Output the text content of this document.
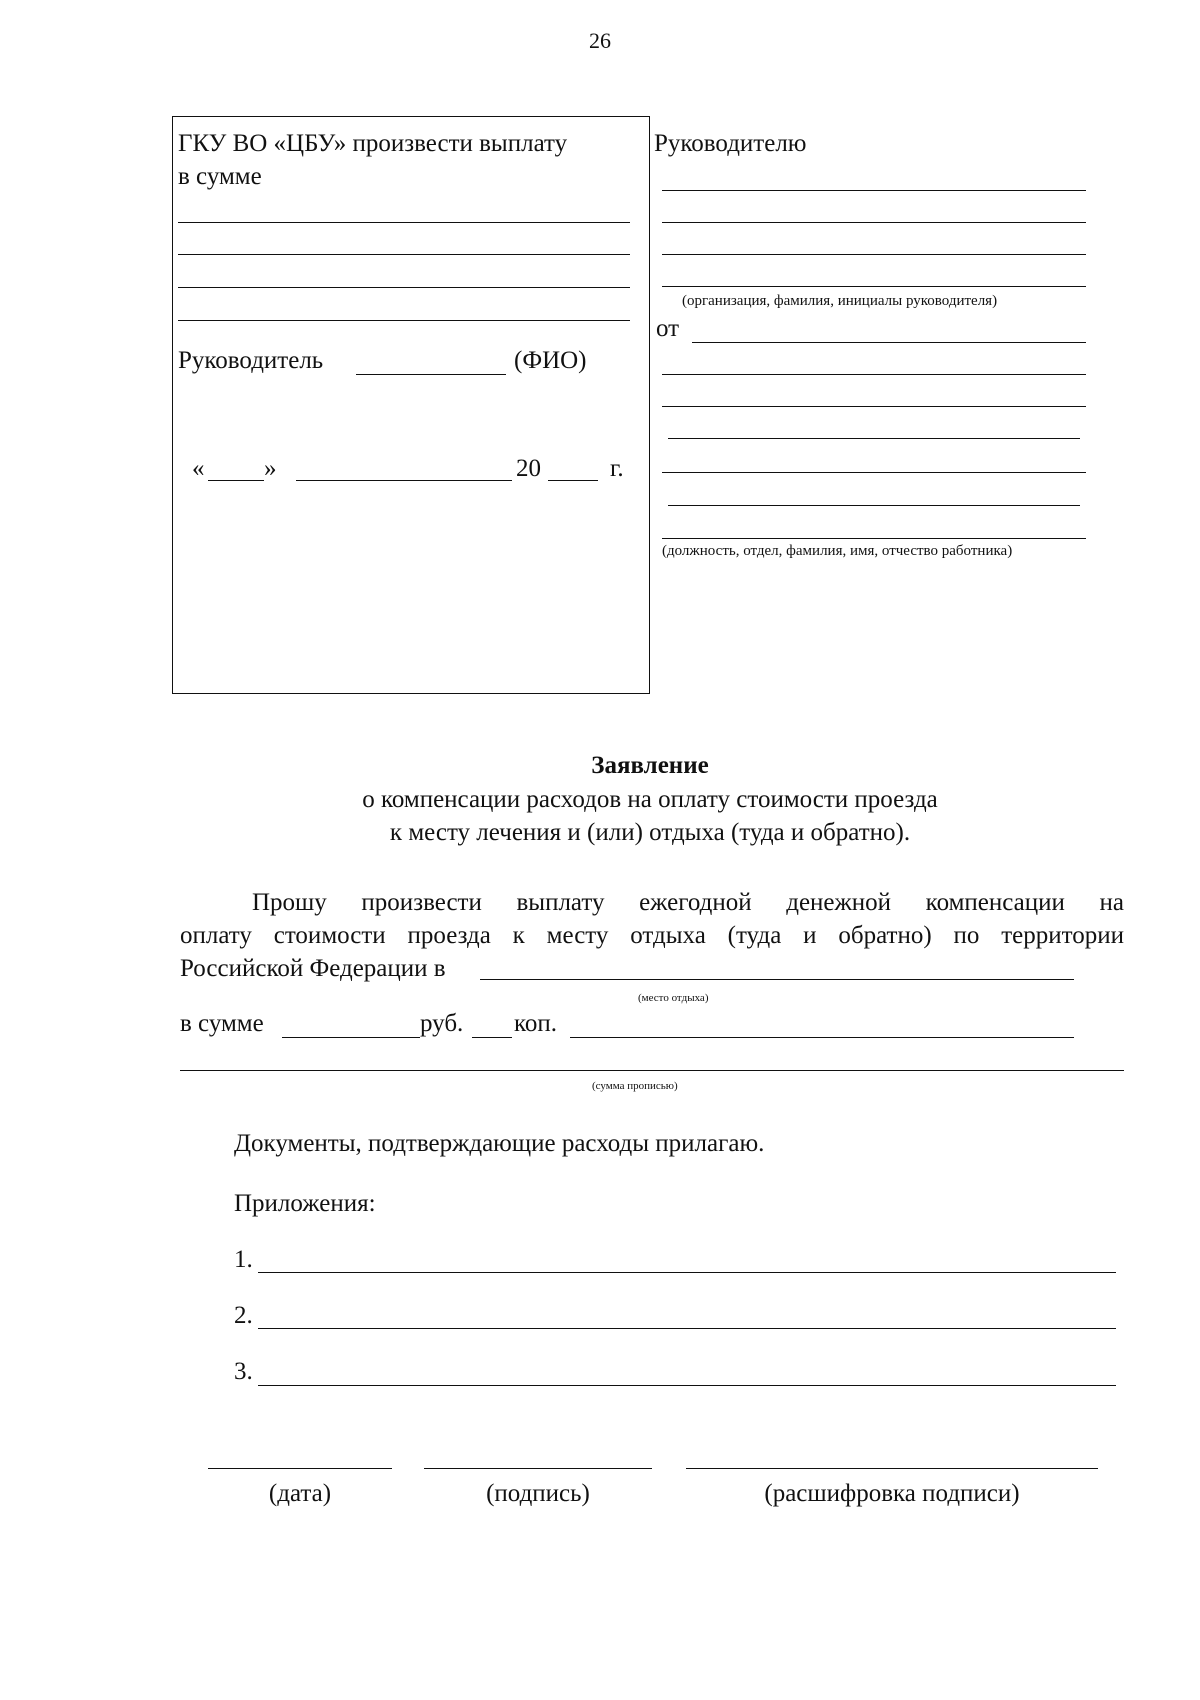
26
ГКУ ВО «ЦБУ» произвести выплату
в сумме
Руководитель	(ФИО)
« »	20	г.
Руководителю
(организация, фамилия, инициалы руководителя)
от
(должность, отдел, фамилия, имя, отчество работника)
Заявление
о компенсации расходов на оплату стоимости проезда
к месту лечения и (или) отдыха (туда и обратно).
Прошу произвести выплату ежегодной денежной компенсации на
оплату стоимости проезда к месту отдыха (туда и обратно) по территории
Российской Федерации в
(место отдыха)
в сумме	руб. коп.
(сумма прописью)
Документы, подтверждающие расходы прилагаю.
Приложения:
1.
2.
3.
(дата)	(подпись)	(расшифровка подписи)
